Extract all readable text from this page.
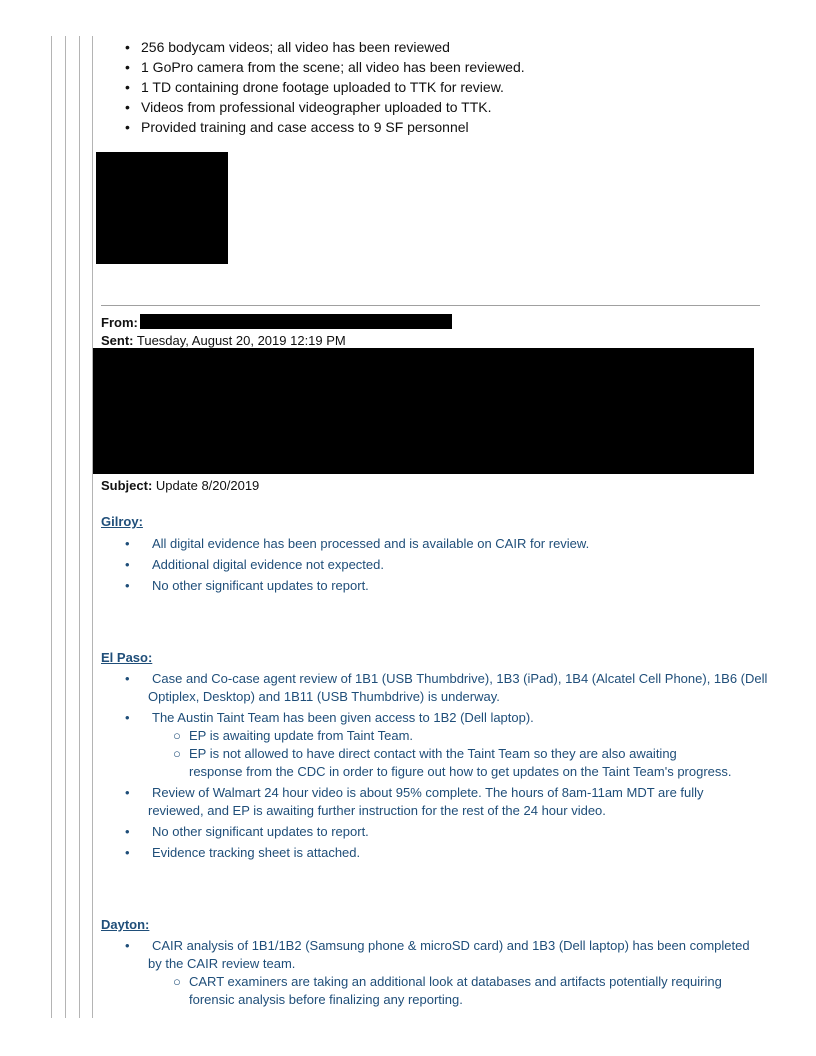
• 256 bodycam videos; all video has been reviewed
• 1 GoPro camera from the scene; all video has been reviewed.
• 1 TD containing drone footage uploaded to TTK for review.
• Videos from professional videographer uploaded to TTK.
• Provided training and case access to 9 SF personnel
From:
Sent: Tuesday, August 20, 2019 12:19 PM
Subject: Update 8/20/2019
Gilroy:
• All digital evidence has been processed and is available on CAIR for review.
• Additional digital evidence not expected.
• No other significant updates to report.
El Paso:
• Case and Co-case agent review of 1B1 (USB Thumbdrive), 1B3 (iPad), 1B4 (Alcatel Cell Phone), 1B6 (Dell
Optiplex, Desktop) and 1B11 (USB Thumbdrive) is underway.
• The Austin Taint Team has been given access to 1B2 (Dell laptop).
○ EP is awaiting update from Taint Team.
○ EP is not allowed to have direct contact with the Taint Team so they are also awaiting
response from the CDC in order to figure out how to get updates on the Taint Team's progress.
• Review of Walmart 24 hour video is about 95% complete. The hours of 8am-11am MDT are fully
reviewed, and EP is awaiting further instruction for the rest of the 24 hour video.
• No other significant updates to report.
• Evidence tracking sheet is attached.
Dayton:
• CAIR analysis of 1B1/1B2 (Samsung phone & microSD card) and 1B3 (Dell laptop) has been completed
by the CAIR review team.
○ CART examiners are taking an additional look at databases and artifacts potentially requiring
forensic analysis before finalizing any reporting.
